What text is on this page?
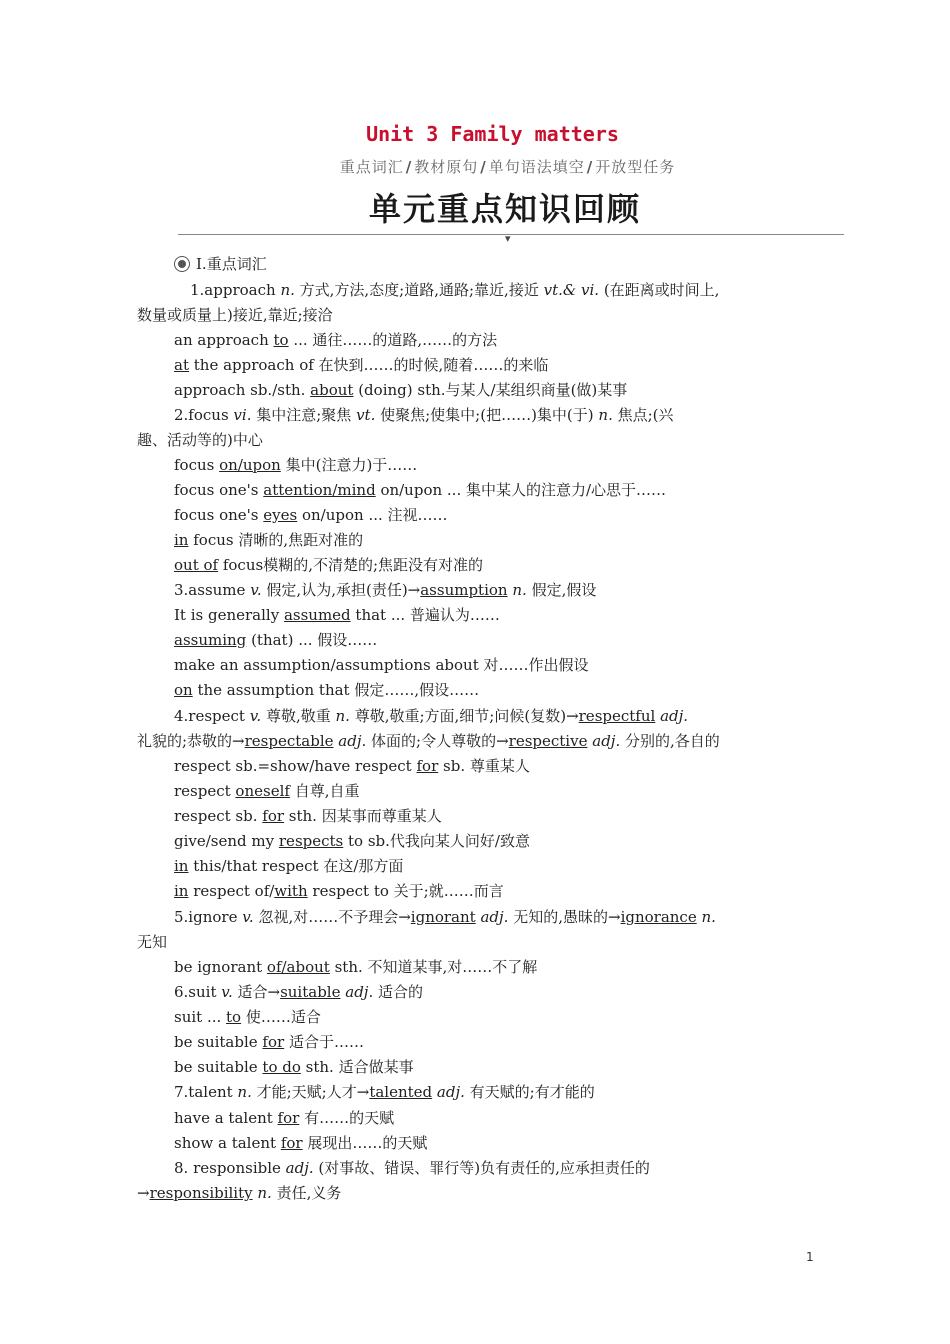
Unit 3 Family matters
重点词汇 / 教材原句 / 单句语法填空 / 开放型任务
单元重点知识回顾
▾
Ⅰ.重点词汇
1.approach n. 方式,方法,态度;道路,通路;靠近,接近 vt.& vi. (在距离或时间上,
数量或质量上)接近,靠近;接洽
an approach to ... 通往……的道路,……的方法
at the approach of 在快到……的时候,随着……的来临
approach sb./sth. about (doing) sth.与某人/某组织商量(做)某事
2.focus vi. 集中注意;聚焦 vt. 使聚焦;使集中;(把……)集中(于) n. 焦点;(兴
趣、活动等的)中心
focus on/upon 集中(注意力)于……
focus one's attention/mind on/upon ... 集中某人的注意力/心思于……
focus one's eyes on/upon ... 注视……
in focus 清晰的,焦距对准的
out of focus模糊的,不清楚的;焦距没有对准的
3.assume v. 假定,认为,承担(责任)→assumption n. 假定,假设
It is generally assumed that ... 普遍认为……
assuming (that) ... 假设……
make an assumption/assumptions about 对……作出假设
on the assumption that 假定……,假设……
4.respect v. 尊敬,敬重 n. 尊敬,敬重;方面,细节;问候(复数)→respectful adj.
礼貌的;恭敬的→respectable adj. 体面的;令人尊敬的→respective adj. 分别的,各自的
respect sb.=show/have respect for sb. 尊重某人
respect oneself 自尊,自重
respect sb. for sth. 因某事而尊重某人
give/send my respects to sb.代我向某人问好/致意
in this/that respect 在这/那方面
in respect of/with respect to 关于;就……而言
5.ignore v. 忽视,对……不予理会→ignorant adj. 无知的,愚昧的→ignorance n.
无知
be ignorant of/about sth. 不知道某事,对……不了解
6.suit v. 适合→suitable adj. 适合的
suit ... to 使……适合
be suitable for 适合于……
be suitable to do sth. 适合做某事
7.talent n. 才能;天赋;人才→talented adj. 有天赋的;有才能的
have a talent for 有……的天赋
show a talent for 展现出……的天赋
8. responsible adj. (对事故、错误、罪行等)负有责任的,应承担责任的
→responsibility n. 责任,义务
1
